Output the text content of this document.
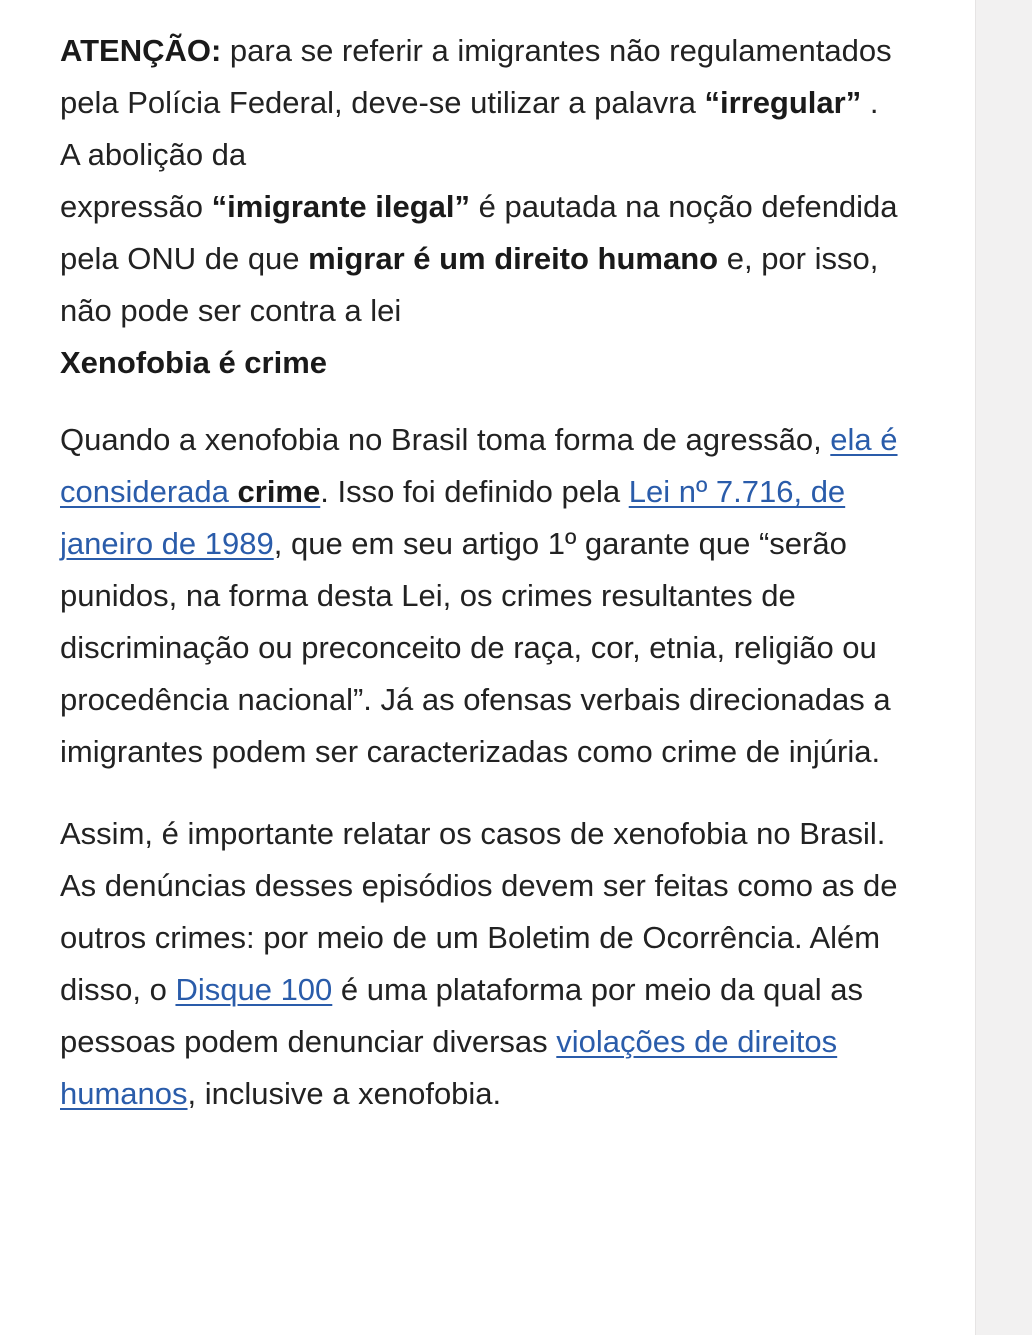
ATENÇÃO: para se referir a imigrantes não regulamentados pela Polícia Federal, deve-se utilizar a palavra “irregular” . A abolição da
expressão “imigrante ilegal” é pautada na noção defendida pela ONU de que migrar é um direito humano e, por isso, não pode ser contra a lei

Xenofobia é crime

Quando a xenofobia no Brasil toma forma de agressão, ela é considerada crime. Isso foi definido pela Lei nº 7.716, de janeiro de 1989, que em seu artigo 1º garante que “serão punidos, na forma desta Lei, os crimes resultantes de discriminação ou preconceito de raça, cor, etnia, religião ou procedência nacional”. Já as ofensas verbais direcionadas a imigrantes podem ser caracterizadas como crime de injúria.

Assim, é importante relatar os casos de xenofobia no Brasil. As denúncias desses episódios devem ser feitas como as de outros crimes: por meio de um Boletim de Ocorrência. Além disso, o Disque 100 é uma plataforma por meio da qual as pessoas podem denunciar diversas violações de direitos humanos, inclusive a xenofobia.
